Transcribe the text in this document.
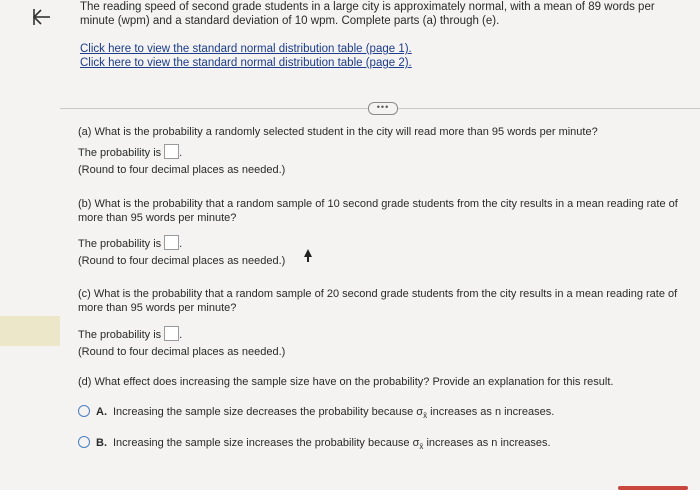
The reading speed of second grade students in a large city is approximately normal, with a mean of 89 words per
minute (wpm) and a standard deviation of 10 wpm. Complete parts (a) through (e).
Click here to view the standard normal distribution table (page 1).
Click here to view the standard normal distribution table (page 2).
•••
(a) What is the probability a randomly selected student in the city will read more than 95 words per minute?
The probability is .
(Round to four decimal places as needed.)
(b) What is the probability that a random sample of 10 second grade students from the city results in a mean reading rate of more than 95 words per minute?
The probability is .
(Round to four decimal places as needed.)
(c) What is the probability that a random sample of 20 second grade students from the city results in a mean reading rate of more than 95 words per minute?
The probability is .
(Round to four decimal places as needed.)
(d) What effect does increasing the sample size have on the probability? Provide an explanation for this result.
A. Increasing the sample size decreases the probability because $\sigma_{x̄}$ increases as n increases.
B. Increasing the sample size increases the probability because $\sigma_{x̄}$ increases as n increases.
